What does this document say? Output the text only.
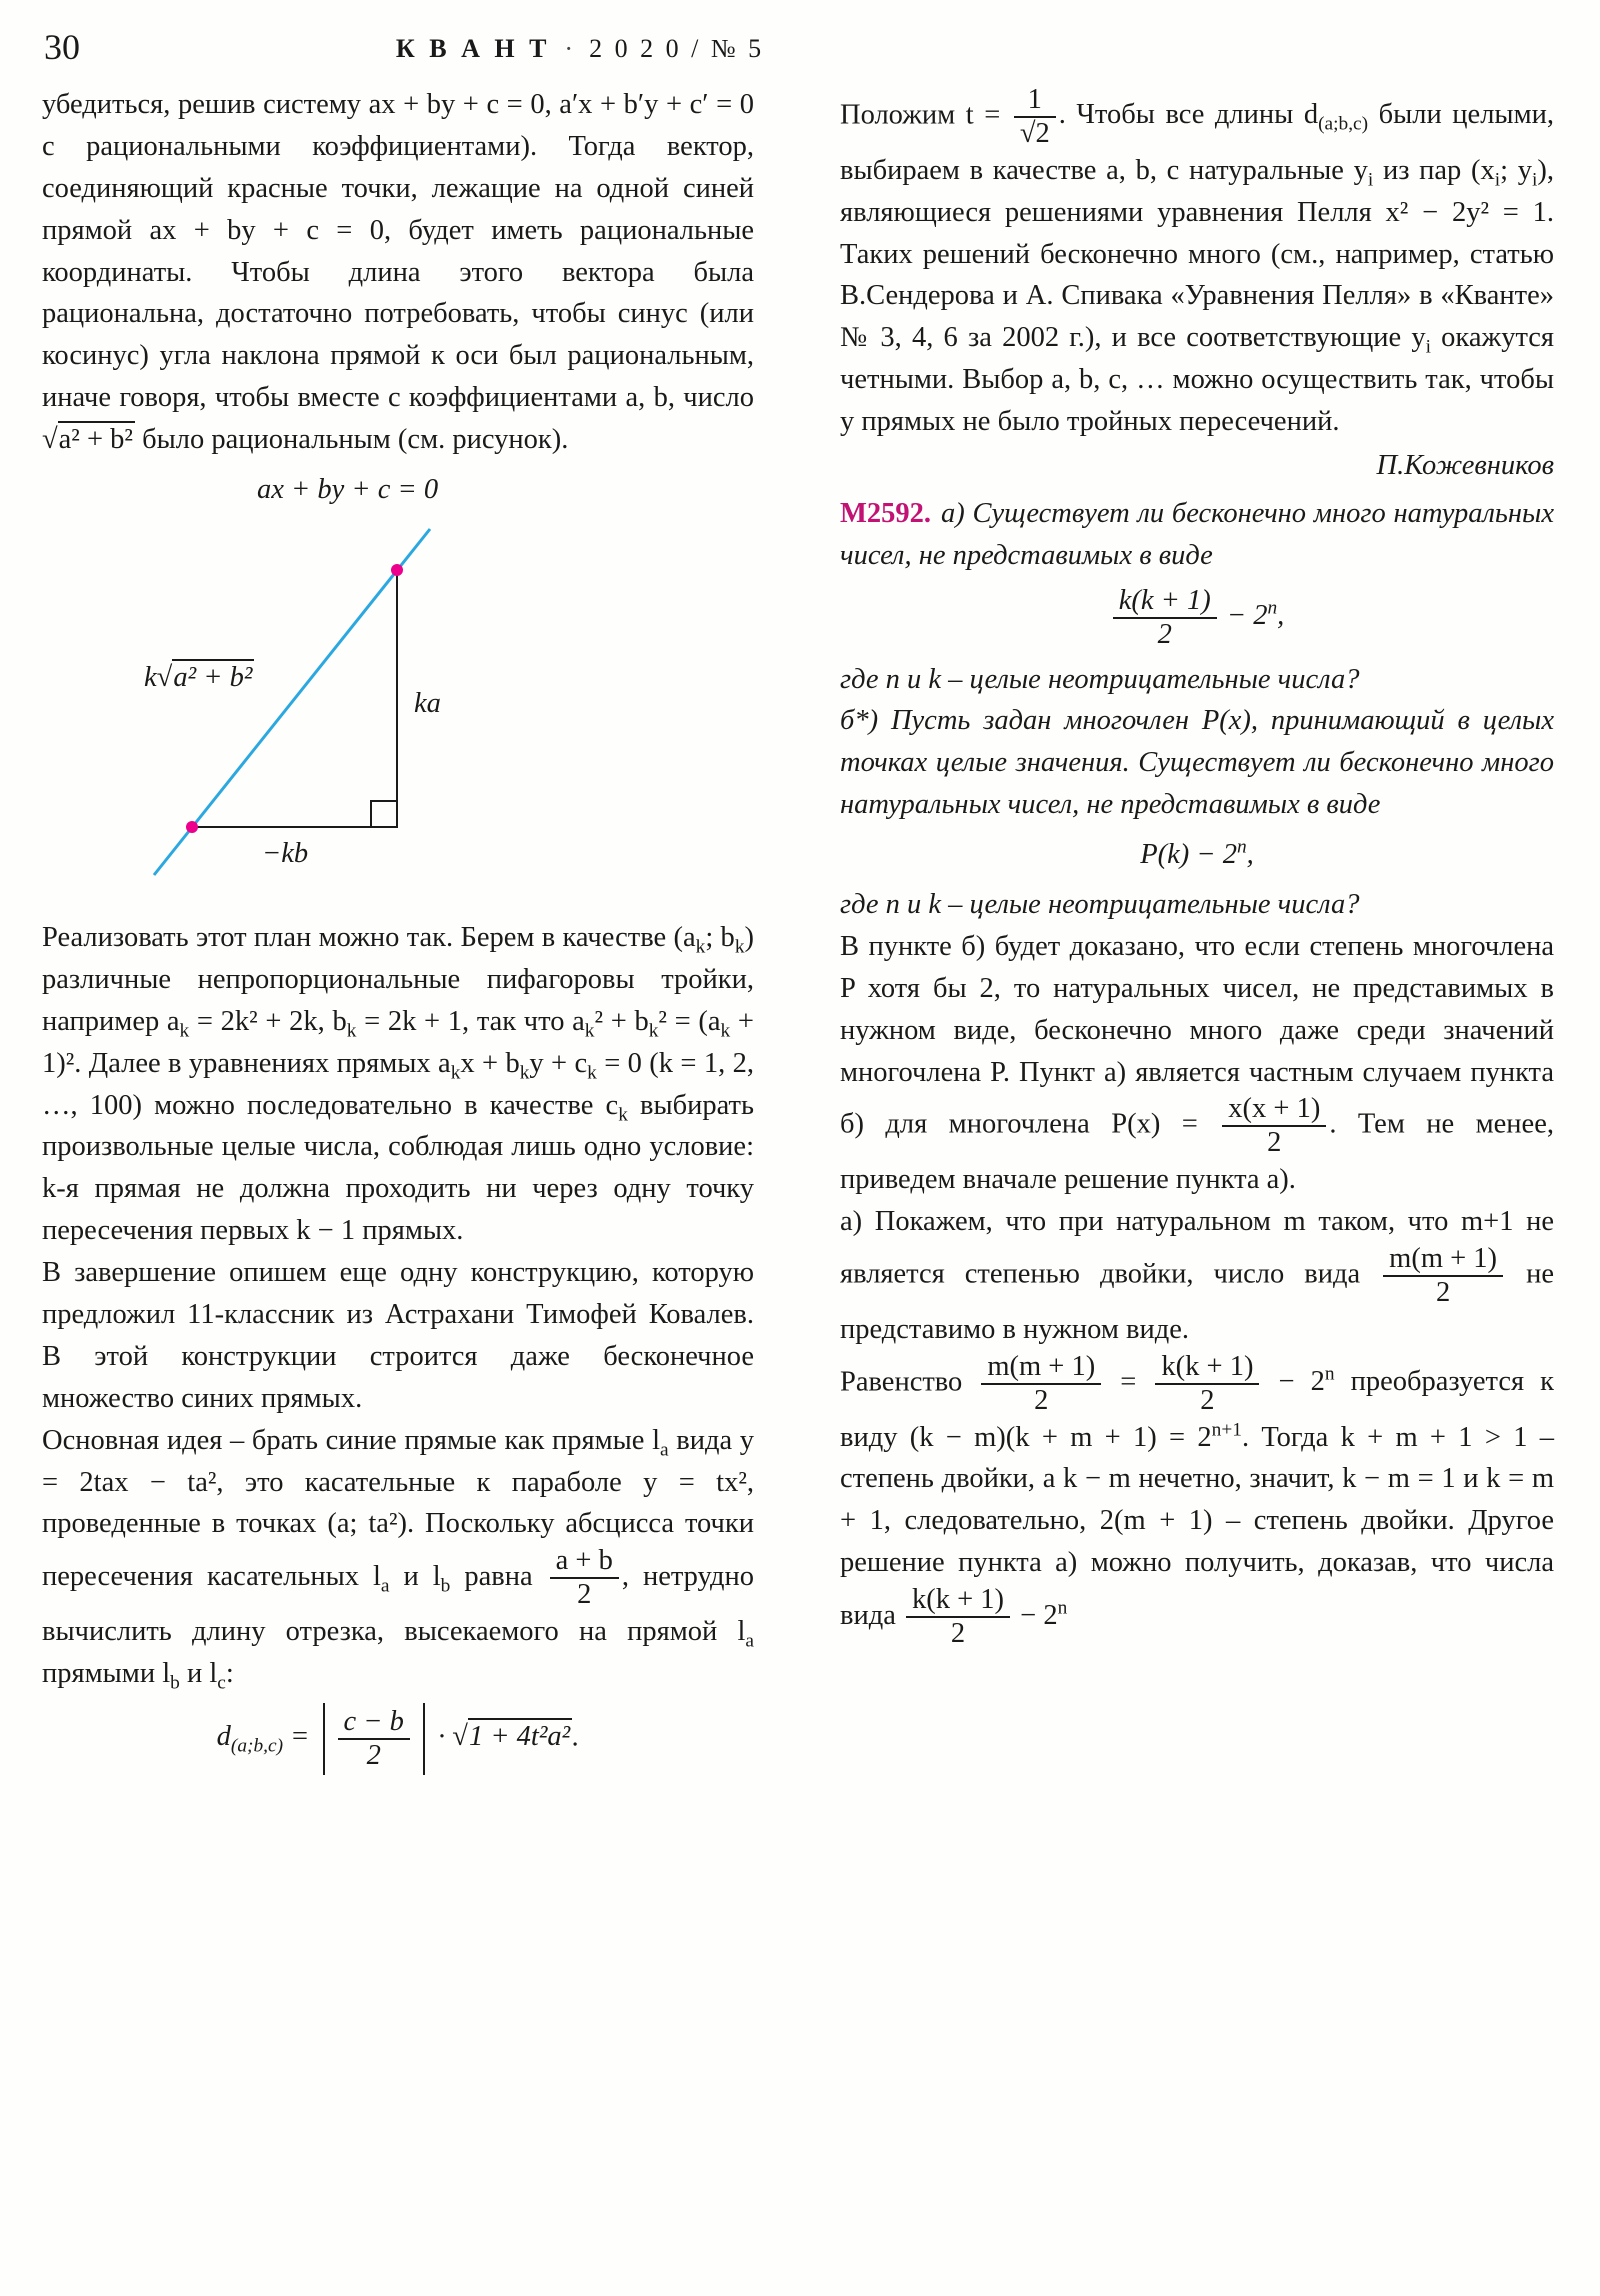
30	К В А Н Т · 2 0 2 0 / № 5

убедиться, решив систему ax + by + c = 0, a′x + b′y + c′ = 0 с рациональными коэффициентами). Тогда вектор, соединяющий красные точки, лежащие на одной синей прямой ax + by + c = 0, будет иметь рациональные координаты. Чтобы длина этого вектора была рациональна, достаточно потребовать, чтобы синус (или косинус) угла наклона прямой к оси был рациональным, иначе говоря, чтобы вместе с коэффициентами a, b, число √ a² + b² было рациональным (см. рисунок).

ax + by + c = 0
k √ a² + b²
ka
−kb

Реализовать этот план можно так. Берем в качестве ($a_k$; $b_k$) различные непропорциональные пифагоровы тройки, например $a_k = 2k^2 + 2k$, $b_k = 2k + 1$, так что $a_k^2 + b_k^2 = (a_k + 1)^2$. Далее в уравнениях прямых $a_kx + b_ky + c_k = 0$ (k = 1, 2, …, 100) можно последовательно в качестве $c_k$ выбирать произвольные целые числа, соблюдая лишь одно условие: k-я прямая не должна проходить ни через одну точку пересечения первых k − 1 прямых.

В завершение опишем еще одну конструкцию, которую предложил 11-классник из Астрахани Тимофей Ковалев. В этой конструкции строится даже бесконечное множество синих прямых.

Основная идея – брать синие прямые как прямые $l_a$ вида y = 2tax − ta², это касательные к параболе y = tx², проведенные в точках (a; ta²). Поскольку абсцисса точки пересечения касательных $l_a$ и $l_b$ равна $\frac{a + b}{2}$ , нетрудно вычислить длину отрезка, высекаемого на прямой $l_a$ прямыми $l_b$ и $l_c$:

$d_{(a;b,c)} = \frac{c - b}{2}$ · √ 1 + 4t²a².

Положим $t = \frac{1}{√2}$ . Чтобы все длины $d_{(a;b,c)}$ были целыми, выбираем в качестве a, b, c натуральные $y_i$ из пар ($x_i$; $y_i$), являющиеся решениями уравнения Пелля x² − 2y² = 1. Таких решений бесконечно много (см., например, статью В.Сендерова и А. Спивака «Уравнения Пелля» в «Кванте» № 3, 4, 6 за 2002 г.), и все соответствующие $y_i$ окажутся четными. Выбор a, b, c, … можно осуществить так, чтобы у прямых не было тройных пересечений.

П.Кожевников

М2592. а) Существует ли бесконечно много натуральных чисел, не представимых в виде

$\frac{k(k + 1)}{2} - 2^n$,

где n и k – целые неотрицательные числа?

б*) Пусть задан многочлен P(x), принимающий в целых точках целые значения. Существует ли бесконечно много натуральных чисел, не представимых в виде

$P(k) - 2^n$,

где n и k – целые неотрицательные числа?

В пункте б) будет доказано, что если степень многочлена P хотя бы 2, то натуральных чисел, не представимых в нужном виде, бесконечно много даже среди значений многочлена P. Пункт а) является частным случаем пункта б) для многочлена $P(x) = \frac{x(x + 1)}{2}$ . Тем не менее, приведем вначале решение пункта а).

а) Покажем, что при натуральном m таком, что m+1 не является степенью двойки, число вида $\frac{m(m + 1)}{2}$ не представимо в нужном виде.

Равенство $\frac{m(m + 1)}{2} = \frac{k(k + 1)}{2} - 2^n$ преобразуется к виду $(k - m)(k + m + 1) = 2^{n+1}$. Тогда k + m + 1 > 1 – степень двойки, а k − m нечетно, значит, k − m = 1 и k = m + 1, следовательно, 2(m + 1) – степень двойки. Другое решение пункта а) можно получить, доказав, что числа вида $\frac{k(k + 1)}{2} - 2^n$
